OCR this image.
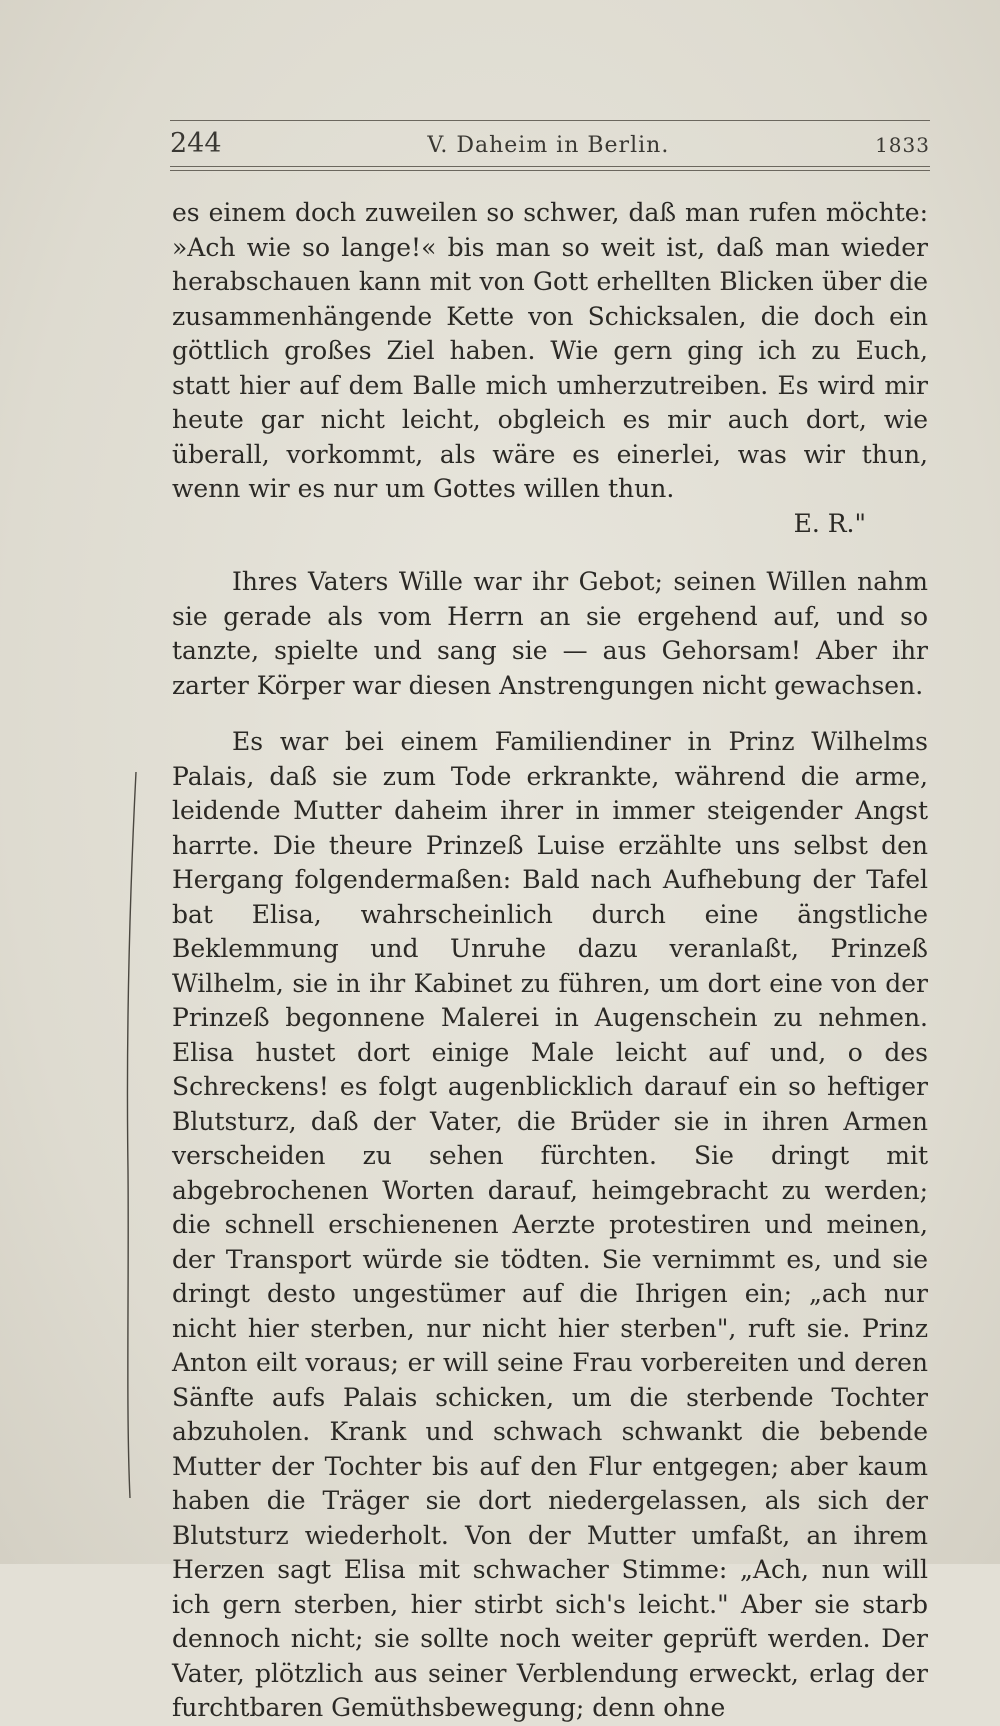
244	V. Daheim in Berlin.	1833

es einem doch zuweilen so schwer, daß man rufen möchte: »Ach wie so lange!« bis man so weit ist, daß man wieder herabschauen kann mit von Gott erhellten Blicken über die zusammenhängende Kette von Schicksalen, die doch ein göttlich großes Ziel haben. Wie gern ging ich zu Euch, statt hier auf dem Balle mich umherzutreiben. Es wird mir heute gar nicht leicht, obgleich es mir auch dort, wie überall, vorkommt, als wäre es einerlei, was wir thun, wenn wir es nur um Gottes willen thun.

E. R."

Ihres Vaters Wille war ihr Gebot; seinen Willen nahm sie gerade als vom Herrn an sie ergehend auf, und so tanzte, spielte und sang sie — aus Gehorsam! Aber ihr zarter Körper war diesen Anstrengungen nicht gewachsen.

Es war bei einem Familiendiner in Prinz Wilhelms Palais, daß sie zum Tode erkrankte, während die arme, leidende Mutter daheim ihrer in immer steigender Angst harrte. Die theure Prinzeß Luise erzählte uns selbst den Hergang folgendermaßen: Bald nach Aufhebung der Tafel bat Elisa, wahrscheinlich durch eine ängstliche Beklemmung und Unruhe dazu veranlaßt, Prinzeß Wilhelm, sie in ihr Kabinet zu führen, um dort eine von der Prinzeß begonnene Malerei in Augenschein zu nehmen. Elisa hustet dort einige Male leicht auf und, o des Schreckens! es folgt augenblicklich darauf ein so heftiger Blutsturz, daß der Vater, die Brüder sie in ihren Armen verscheiden zu sehen fürchten. Sie dringt mit abgebrochenen Worten darauf, heimgebracht zu werden; die schnell erschienenen Aerzte protestiren und meinen, der Transport würde sie tödten. Sie vernimmt es, und sie dringt desto ungestümer auf die Ihrigen ein; „ach nur nicht hier sterben, nur nicht hier sterben", ruft sie. Prinz Anton eilt voraus; er will seine Frau vorbereiten und deren Sänfte aufs Palais schicken, um die sterbende Tochter abzuholen. Krank und schwach schwankt die bebende Mutter der Tochter bis auf den Flur entgegen; aber kaum haben die Träger sie dort niedergelassen, als sich der Blutsturz wiederholt. Von der Mutter umfaßt, an ihrem Herzen sagt Elisa mit schwacher Stimme: „Ach, nun will ich gern sterben, hier stirbt sich's leicht." Aber sie starb dennoch nicht; sie sollte noch weiter geprüft werden. Der Vater, plötzlich aus seiner Verblendung erweckt, erlag der furchtbaren Gemüthsbewegung; denn ohne
